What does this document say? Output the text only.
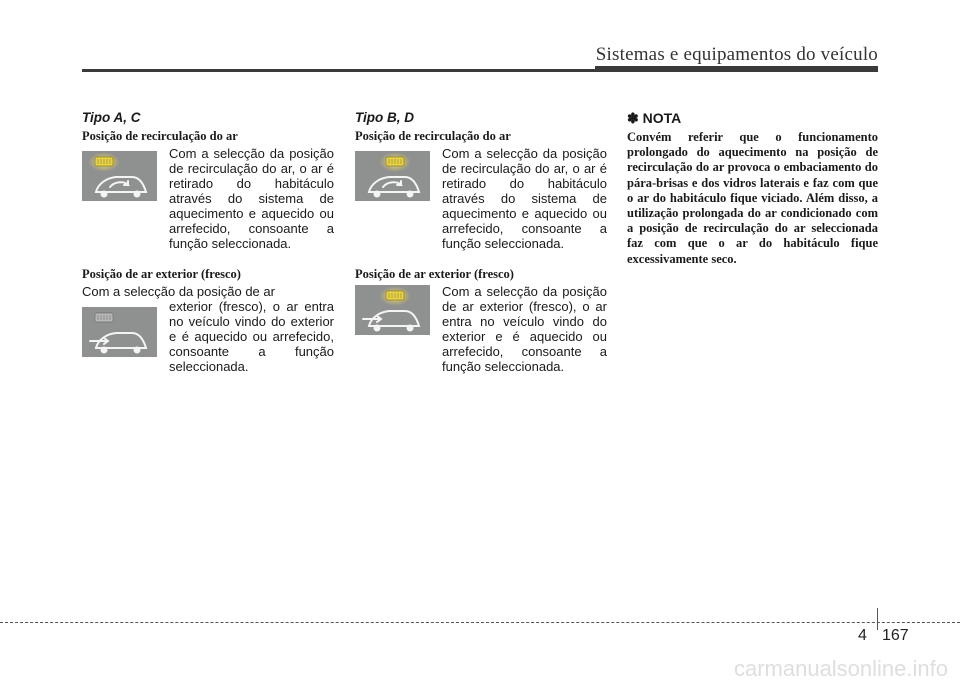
Sistemas e equipamentos do veículo

Tipo A, C

Posição de recirculação do ar

Com a selecção da posição de recirculação do ar, o ar é retirado do habitáculo através do sistema de aquecimento e aquecido ou arrefecido, consoante a função seleccionada.

Posição de ar exterior (fresco)

Com a selecção da posição de ar

exterior (fresco), o ar entra no veículo vindo do exterior e é aquecido ou arrefecido, consoante a função seleccionada.

Tipo B, D

Posição de recirculação do ar

Com a selecção da posição de recirculação do ar, o ar é retirado do habitáculo através do sistema de aquecimento e aquecido ou arrefecido, consoante a função seleccionada.

Posição de ar exterior (fresco)

Com a selecção da posição de ar exterior (fresco), o ar entra no veículo vindo do exterior e é aquecido ou arrefecido, consoante a função seleccionada.

✽ NOTA

Convém referir que o funcionamento prolongado do aquecimento na posição de recirculação do ar provoca o embaciamento do pára-brisas e dos vidros laterais e faz com que o ar do habitáculo fique viciado. Além disso, a utilização prolongada do ar condicionado com a posição de recirculação do ar seleccionada faz com que o ar do habitáculo fique excessivamente seco.

4 167
carmanualsonline.info
